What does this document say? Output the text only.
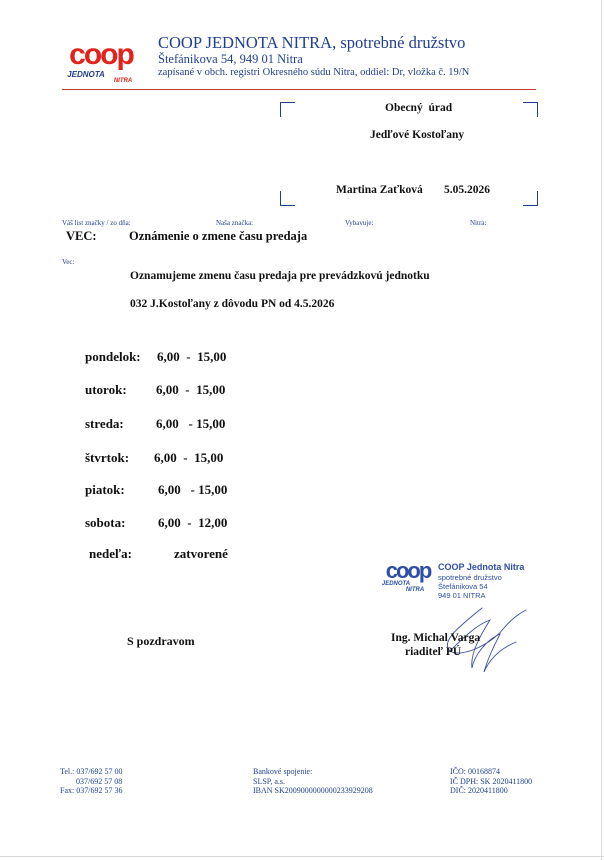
coop
JEDNOTA
NITRA
COOP JEDNOTA NITRA, spotrebné družstvo
Štefánikova 54, 949 01 Nitra
zapísané v obch. registri Okresného súdu Nitra, oddiel: Dr, vložka č. 19/N
Obecný  úrad
Jedľové Kostoľany
Martina Zaťková 5.05.2026
Váš list značky / zo dňa:	Naša značka:	Vybavuje:	Nitra:
VEC:	Oznámenie o zmene času predaja
Vec:
Oznamujeme zmenu času predaja pre prevádzkovú jednotku
032 J.Kostoľany z dôvodu PN od 4.5.2026
pondelok: 6,00  -  15,00
utorok: 6,00  -  15,00
streda: 6,00   - 15,00
štvrtok: 6,00  -  15,00
piatok:	6,00   - 15,00
sobota:	6,00  -  12,00
nedeľa:	zatvorené
coop
JEDNOTA
NITRA
COOP Jednota Nitra
spotrebné družstvo
Štefánikova 54
949 01 NITRA
S pozdravom	Ing. Michal Varga
riaditeľ PÚ
Tel.: 037/692 57 00
037/692 57 08
Fax: 037/692 57 36
Bankové spojenie:
SLSP, a.s.
IBAN SK2009000000000233929208
IČO: 00168874
IČ DPH: SK 2020411800
DIČ: 2020411800
